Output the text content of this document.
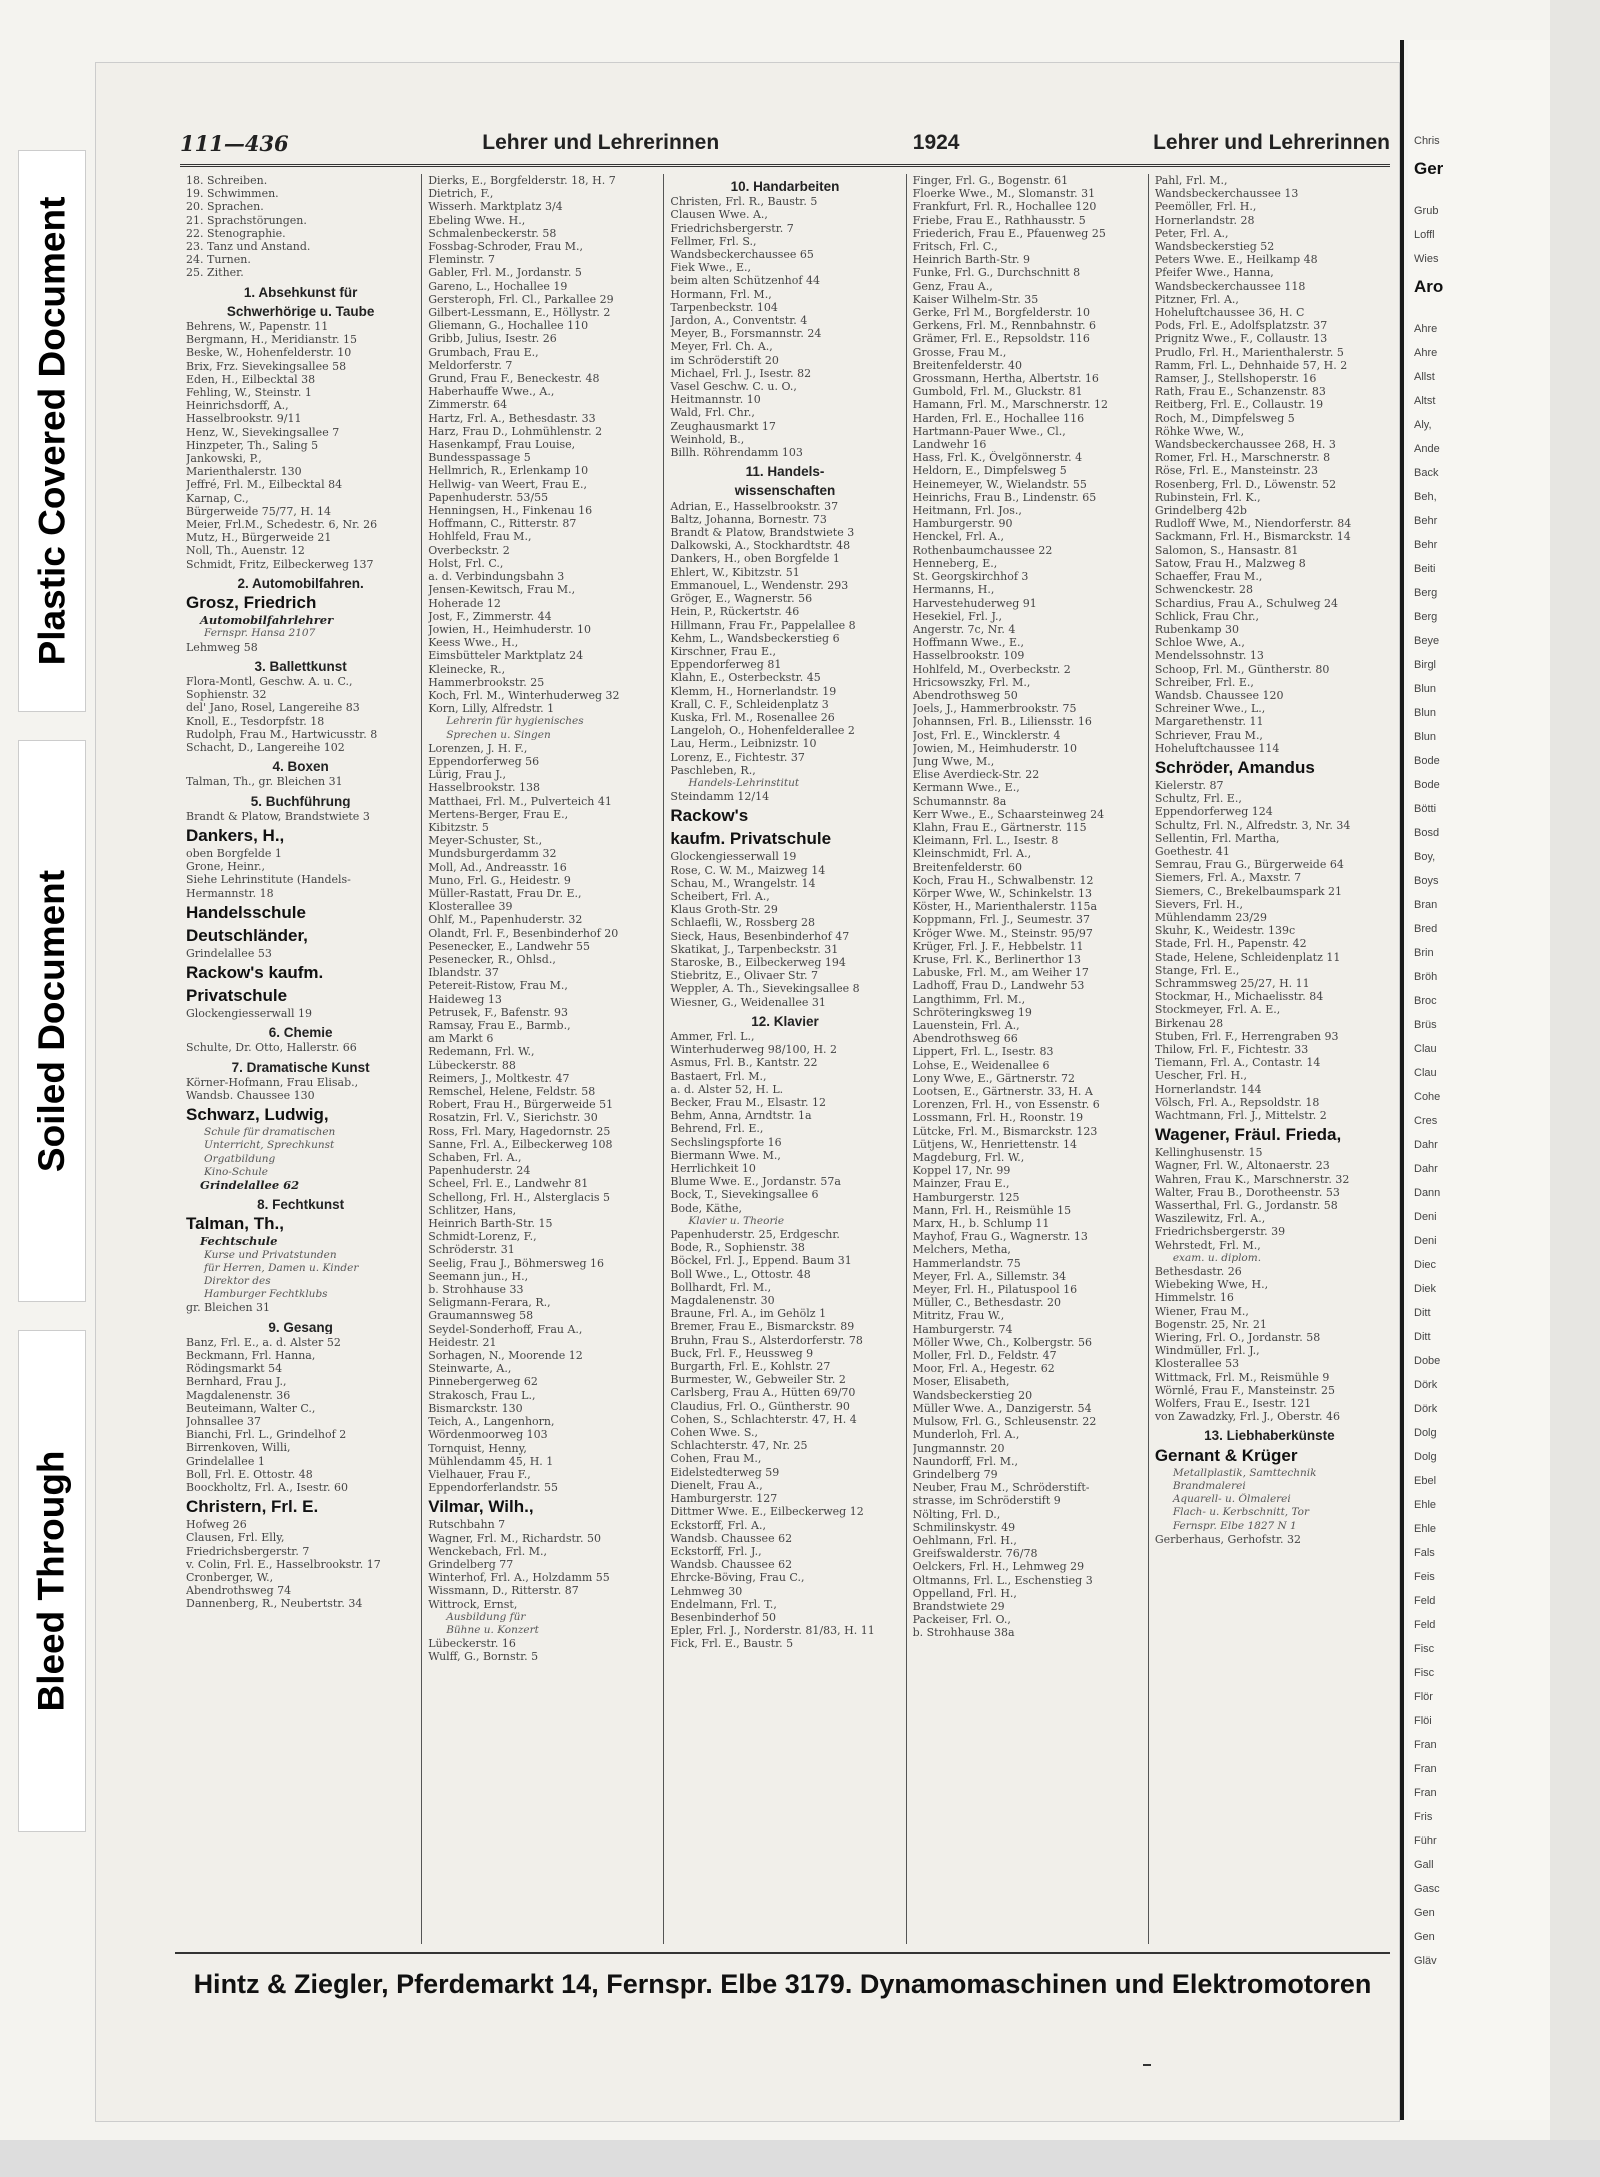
Plastic Covered Document
Soiled Document
Bleed Through
111—436	Lehrer und Lehrerinnen	1924	Lehrer und Lehrerinnen
18. Schreiben.
19. Schwimmen.
20. Sprachen.
21. Sprachstörungen.
22. Stenographie.
23. Tanz und Anstand.
24. Turnen.
25. Zither.
1. Absehkunst für
Schwerhörige u. Taube
Behrens, W., Papenstr. 11
Bergmann, H., Meridianstr. 15
Beske, W., Hohenfelderstr. 10
Brix, Frz. Sievekingsallee 58
Eden, H., Eilbecktal 38
Fehling, W., Steinstr. 1
Heinrichsdorff, A.,
Hasselbrookstr. 9/11
Henz, W., Sievekingsallee 7
Hinzpeter, Th., Saling 5
Jankowski, P.,
Marienthalerstr. 130
Jeffré, Frl. M., Eilbecktal 84
Karnap, C.,
Bürgerweide 75/77, H. 14
Meier, Frl.M., Schedestr. 6, Nr. 26
Mutz, H., Bürgerweide 21
Noll, Th., Auenstr. 12
Schmidt, Fritz, Eilbeckerweg 137
2. Automobilfahren.
Grosz, Friedrich
Automobilfahrlehrer
Fernspr. Hansa 2107
Lehmweg 58
3. Ballettkunst
Flora-Montl, Geschw. A. u. C.,
Sophienstr. 32
del' Jano, Rosel, Langereihe 83
Knoll, E., Tesdorpfstr. 18
Rudolph, Frau M., Hartwicusstr. 8
Schacht, D., Langereihe 102
4. Boxen
Talman, Th., gr. Bleichen 31
5. Buchführung
Brandt & Platow, Brandstwiete 3
Dankers, H.,
oben Borgfelde 1
Grone, Heinr.,
Siehe Lehrinstitute (Handels-
Hermannstr. 18
Handelsschule
Deutschländer,
Grindelallee 53
Rackow's kaufm.
Privatschule
Glockengiesserwall 19
6. Chemie
Schulte, Dr. Otto, Hallerstr. 66
7. Dramatische Kunst
Körner-Hofmann, Frau Elisab.,
Wandsb. Chaussee 130
Schwarz, Ludwig,
Schule für dramatischen
Unterricht, Sprechkunst
Orgatbildung
Kino-Schule
Grindelallee 62
8. Fechtkunst
Talman, Th.,
Fechtschule
Kurse und Privatstunden
für Herren, Damen u. Kinder
Direktor des
Hamburger Fechtklubs
gr. Bleichen 31
9. Gesang
Banz, Frl. E., a. d. Alster 52
Beckmann, Frl. Hanna,
Rödingsmarkt 54
Bernhard, Frau J.,
Magdalenenstr. 36
Beuteimann, Walter C.,
Johnsallee 37
Bianchi, Frl. L., Grindelhof 2
Birrenkoven, Willi,
Grindelallee 1
Boll, Frl. E. Ottostr. 48
Boockholtz, Frl. A., Isestr. 60
Christern, Frl. E.
Hofweg 26
Clausen, Frl. Elly,
Friedrichsbergerstr. 7
v. Colin, Frl. E., Hasselbrookstr. 17
Cronberger, W.,
Abendrothsweg 74
Dannenberg, R., Neubertstr. 34
Dierks, E., Borgfelderstr. 18, H. 7
Dietrich, F.,
Wisserh. Marktplatz 3/4
Ebeling Wwe. H.,
Schmalenbeckerstr. 58
Fossbag-Schroder, Frau M.,
Fleminstr. 7
Gabler, Frl. M., Jordanstr. 5
Gareno, L., Hochallee 19
Gersteroph, Frl. Cl., Parkallee 29
Gilbert-Lessmann, E., Höllystr. 2
Gliemann, G., Hochallee 110
Gribb, Julius, Isestr. 26
Grumbach, Frau E.,
Meldorferstr. 7
Grund, Frau F., Beneckestr. 48
Haberhauffe Wwe., A.,
Zimmerstr. 64
Hartz, Frl. A., Bethesdastr. 33
Harz, Frau D., Lohmühlenstr. 2
Hasenkampf, Frau Louise,
Bundesspassage 5
Hellmrich, R., Erlenkamp 10
Hellwig- van Weert, Frau E.,
Papenhuderstr. 53/55
Henningsen, H., Finkenau 16
Hoffmann, C., Ritterstr. 87
Hohlfeld, Frau M.,
Overbeckstr. 2
Holst, Frl. C.,
a. d. Verbindungsbahn 3
Jensen-Kewitsch, Frau M.,
Hoherade 12
Jost, F., Zimmerstr. 44
Jowien, H., Heimhuderstr. 10
Keess Wwe., H.,
Eimsbütteler Marktplatz 24
Kleinecke, R.,
Hammerbrookstr. 25
Koch, Frl. M., Winterhuderweg 32
Korn, Lilly, Alfredstr. 1
Lehrerin für hygienisches
Sprechen u. Singen
Lorenzen, J. H. F.,
Eppendorferweg 56
Lürig, Frau J.,
Hasselbrookstr. 138
Matthaei, Frl. M., Pulverteich 41
Mertens-Berger, Frau E.,
Kibitzstr. 5
Meyer-Schuster, St.,
Mundsburgerdamm 32
Moll, Ad., Andreasstr. 16
Muno, Frl. G., Heidestr. 9
Müller-Rastatt, Frau Dr. E.,
Klosterallee 39
Ohlf, M., Papenhuderstr. 32
Olandt, Frl. F., Besenbinderhof 20
Pesenecker, E., Landwehr 55
Pesenecker, R., Ohlsd.,
Iblandstr. 37
Petereit-Ristow, Frau M.,
Haideweg 13
Petrusek, F., Bafenstr. 93
Ramsay, Frau E., Barmb.,
am Markt 6
Redemann, Frl. W.,
Lübeckerstr. 88
Reimers, J., Moltkestr. 47
Remschel, Helene, Feldstr. 58
Robert, Frau H., Bürgerweide 51
Rosatzin, Frl. V., Sierichstr. 30
Ross, Frl. Mary, Hagedornstr. 25
Sanne, Frl. A., Eilbeckerweg 108
Schaben, Frl. A.,
Papenhuderstr. 24
Scheel, Frl. E., Landwehr 81
Schellong, Frl. H., Alsterglacis 5
Schlitzer, Hans,
Heinrich Barth-Str. 15
Schmidt-Lorenz, F.,
Schröderstr. 31
Seelig, Frau J., Böhmersweg 16
Seemann jun., H.,
b. Strohhause 33
Seligmann-Ferara, R.,
Graumannsweg 58
Seydel-Sonderhoff, Frau A.,
Heidestr. 21
Sorhagen, N., Moorende 12
Steinwarte, A.,
Pinnebergerweg 62
Strakosch, Frau L.,
Bismarckstr. 130
Teich, A., Langenhorn,
Wördenmoorweg 103
Tornquist, Henny,
Mühlendamm 45, H. 1
Vielhauer, Frau F.,
Eppendorferlandstr. 55
Vilmar, Wilh.,
Rutschbahn 7
Wagner, Frl. M., Richardstr. 50
Wenckebach, Frl. M.,
Grindelberg 77
Winterhof, Frl. A., Holzdamm 55
Wissmann, D., Ritterstr. 87
Wittrock, Ernst,
Ausbildung für
Bühne u. Konzert
Lübeckerstr. 16
Wulff, G., Bornstr. 5
10. Handarbeiten
Christen, Frl. R., Baustr. 5
Clausen Wwe. A.,
Friedrichsbergerstr. 7
Fellmer, Frl. S.,
Wandsbeckerchaussee 65
Fiek Wwe., E.,
beim alten Schützenhof 44
Hormann, Frl. M.,
Tarpenbeckstr. 104
Jardon, A., Conventstr. 4
Meyer, B., Forsmannstr. 24
Meyer, Frl. Ch. A.,
im Schröderstift 20
Michael, Frl. J., Isestr. 82
Vasel Geschw. C. u. O.,
Heitmannstr. 10
Wald, Frl. Chr.,
Zeughausmarkt 17
Weinhold, B.,
Billh. Röhrendamm 103
11. Handels-
wissenschaften
Adrian, E., Hasselbrookstr. 37
Baltz, Johanna, Bornestr. 73
Brandt & Platow, Brandstwiete 3
Dalkowski, A., Stockhardtstr. 48
Dankers, H., oben Borgfelde 1
Ehlert, W., Kibitzstr. 51
Emmanouel, L., Wendenstr. 293
Gröger, E., Wagnerstr. 56
Hein, P., Rückertstr. 46
Hillmann, Frau Fr., Pappelallee 8
Kehm, L., Wandsbeckerstieg 6
Kirschner, Frau E.,
Eppendorferweg 81
Klahn, E., Osterbeckstr. 45
Klemm, H., Hornerlandstr. 19
Krall, C. F., Schleidenplatz 3
Kuska, Frl. M., Rosenallee 26
Langeloh, O., Hohenfelderallee 2
Lau, Herm., Leibnizstr. 10
Lorenz, E., Fichtestr. 37
Paschleben, R.,
Handels-Lehrinstitut
Steindamm 12/14
Rackow's
kaufm. Privatschule
Glockengiesserwall 19
Rose, C. W. M., Maizweg 14
Schau, M., Wrangelstr. 14
Scheibert, Frl. A.,
Klaus Groth-Str. 29
Schlaefli, W., Rossberg 28
Sieck, Haus, Besenbinderhof 47
Skatikat, J., Tarpenbeckstr. 31
Staroske, B., Eilbeckerweg 194
Stiebritz, E., Olivaer Str. 7
Weppler, A. Th., Sievekingsallee 8
Wiesner, G., Weidenallee 31
12. Klavier
Ammer, Frl. L.,
Winterhuderweg 98/100, H. 2
Asmus, Frl. B., Kantstr. 22
Bastaert, Frl. M.,
a. d. Alster 52, H. L.
Becker, Frau M., Elsastr. 12
Behm, Anna, Arndtstr. 1a
Behrend, Frl. E.,
Sechslingspforte 16
Biermann Wwe. M.,
Herrlichkeit 10
Blume Wwe. E., Jordanstr. 57a
Bock, T., Sievekingsallee 6
Bode, Käthe,
Klavier u. Theorie
Papenhuderstr. 25, Erdgeschr.
Bode, R., Sophienstr. 38
Böckel, Frl. J., Eppend. Baum 31
Boll Wwe., L., Ottostr. 48
Bollhardt, Frl. M.,
Magdalenenstr. 30
Braune, Frl. A., im Gehölz 1
Bremer, Frau E., Bismarckstr. 89
Bruhn, Frau S., Alsterdorferstr. 78
Buck, Frl. F., Heussweg 9
Burgarth, Frl. E., Kohlstr. 27
Burmester, W., Gebweiler Str. 2
Carlsberg, Frau A., Hütten 69/70
Claudius, Frl. O., Güntherstr. 90
Cohen, S., Schlachterstr. 47, H. 4
Cohen Wwe. S.,
Schlachterstr. 47, Nr. 25
Cohen, Frau M.,
Eidelstedterweg 59
Dienelt, Frau A.,
Hamburgerstr. 127
Dittmer Wwe. E., Eilbeckerweg 12
Eckstorff, Frl. A.,
Wandsb. Chaussee 62
Eckstorff, Frl. J.,
Wandsb. Chaussee 62
Ehrcke-Böving, Frau C.,
Lehmweg 30
Endelmann, Frl. T.,
Besenbinderhof 50
Epler, Frl. J., Norderstr. 81/83, H. 11
Fick, Frl. E., Baustr. 5
Finger, Frl. G., Bogenstr. 61
Floerke Wwe., M., Slomanstr. 31
Frankfurt, Frl. R., Hochallee 120
Friebe, Frau E., Rathhausstr. 5
Friederich, Frau E., Pfauenweg 25
Fritsch, Frl. C.,
Heinrich Barth-Str. 9
Funke, Frl. G., Durchschnitt 8
Genz, Frau A.,
Kaiser Wilhelm-Str. 35
Gerke, Frl M., Borgfelderstr. 10
Gerkens, Frl. M., Rennbahnstr. 6
Grämer, Frl. E., Repsoldstr. 116
Grosse, Frau M.,
Breitenfelderstr. 40
Grossmann, Hertha, Albertstr. 16
Gumbold, Frl. M., Gluckstr. 81
Hamann, Frl. M., Marschnerstr. 12
Harden, Frl. E., Hochallee 116
Hartmann-Pauer Wwe., Cl.,
Landwehr 16
Hass, Frl. K., Övelgönnerstr. 4
Heldorn, E., Dimpfelsweg 5
Heinemeyer, W., Wielandstr. 55
Heinrichs, Frau B., Lindenstr. 65
Heitmann, Frl. Jos.,
Hamburgerstr. 90
Henckel, Frl. A.,
Rothenbaumchaussee 22
Henneberg, E.,
St. Georgskirchhof 3
Hermanns, H.,
Harvestehuderweg 91
Hesekiel, Frl. J.,
Angerstr. 7c, Nr. 4
Hoffmann Wwe., E.,
Hasselbrookstr. 109
Hohlfeld, M., Overbeckstr. 2
Hricsowszky, Frl. M.,
Abendrothsweg 50
Joels, J., Hammerbrookstr. 75
Johannsen, Frl. B., Liliensstr. 16
Jost, Frl. E., Wincklerstr. 4
Jowien, M., Heimhuderstr. 10
Jung Wwe, M.,
Elise Averdieck-Str. 22
Kermann Wwe., E.,
Schumannstr. 8a
Kerr Wwe., E., Schaarsteinweg 24
Klahn, Frau E., Gärtnerstr. 115
Kleimann, Frl. L., Isestr. 8
Kleinschmidt, Frl. A.,
Breitenfelderstr. 60
Koch, Frau H., Schwalbenstr. 12
Körper Wwe, W., Schinkelstr. 13
Köster, H., Marienthalerstr. 115a
Koppmann, Frl. J., Seumestr. 37
Kröger Wwe. M., Steinstr. 95/97
Krüger, Frl. J. F., Hebbelstr. 11
Kruse, Frl. K., Berlinerthor 13
Labuske, Frl. M., am Weiher 17
Ladhoff, Frau D., Landwehr 53
Langthimm, Frl. M.,
Schröteringksweg 19
Lauenstein, Frl. A.,
Abendrothsweg 66
Lippert, Frl. L., Isestr. 83
Lohse, E., Weidenallee 6
Lony Wwe, E., Gärtnerstr. 72
Lootsen, E., Gärtnerstr. 33, H. A
Lorenzen, Frl. H., von Essenstr. 6
Lossmann, Frl. H., Roonstr. 19
Lütcke, Frl. M., Bismarckstr. 123
Lütjens, W., Henriettenstr. 14
Magdeburg, Frl. W.,
Koppel 17, Nr. 99
Mainzer, Frau E.,
Hamburgerstr. 125
Mann, Frl. H., Reismühle 15
Marx, H., b. Schlump 11
Mayhof, Frau G., Wagnerstr. 13
Melchers, Metha,
Hammerlandstr. 75
Meyer, Frl. A., Sillemstr. 34
Meyer, Frl. H., Pilatuspool 16
Müller, C., Bethesdastr. 20
Mitritz, Frau W.,
Hamburgerstr. 74
Möller Wwe, Ch., Kolbergstr. 56
Moller, Frl. D., Feldstr. 47
Moor, Frl. A., Hegestr. 62
Moser, Elisabeth,
Wandsbeckerstieg 20
Müller Wwe. A., Danzigerstr. 54
Mulsow, Frl. G., Schleusenstr. 22
Munderloh, Frl. A.,
Jungmannstr. 20
Naundorff, Frl. M.,
Grindelberg 79
Neuber, Frau M., Schröderstift-
strasse, im Schröderstift 9
Nölting, Frl. D.,
Schmilinskystr. 49
Oehlmann, Frl. H.,
Greifswalderstr. 76/78
Oelckers, Frl. H., Lehmweg 29
Oltmanns, Frl. L., Eschenstieg 3
Oppelland, Frl. H.,
Brandstwiete 29
Packeiser, Frl. O.,
b. Strohhause 38a
Pahl, Frl. M.,
Wandsbeckerchaussee 13
Peemöller, Frl. H.,
Hornerlandstr. 28
Peter, Frl. A.,
Wandsbeckerstieg 52
Peters Wwe. E., Heilkamp 48
Pfeifer Wwe., Hanna,
Wandsbeckerchaussee 118
Pitzner, Frl. A.,
Hoheluftchaussee 36, H. C
Pods, Frl. E., Adolfsplatzstr. 37
Prignitz Wwe., F., Collaustr. 13
Prudlo, Frl. H., Marienthalerstr. 5
Ramm, Frl. L., Dehnhaide 57, H. 2
Ramser, J., Stellshoperstr. 16
Rath, Frau E., Schanzenstr. 83
Reitberg, Frl. E., Collaustr. 19
Roch, M., Dimpfelsweg 5
Röhke Wwe, W.,
Wandsbeckerchaussee 268, H. 3
Romer, Frl. H., Marschnerstr. 8
Röse, Frl. E., Mansteinstr. 23
Rosenberg, Frl. D., Löwenstr. 52
Rubinstein, Frl. K.,
Grindelberg 42b
Rudloff Wwe, M., Niendorferstr. 84
Sackmann, Frl. H., Bismarckstr. 14
Salomon, S., Hansastr. 81
Satow, Frau H., Malzweg 8
Schaeffer, Frau M.,
Schwenckestr. 28
Schardius, Frau A., Schulweg 24
Schlick, Frau Chr.,
Rubenkamp 30
Schloe Wwe, A.,
Mendelssohnstr. 13
Schoop, Frl. M., Güntherstr. 80
Schreiber, Frl. E.,
Wandsb. Chaussee 120
Schreiner Wwe., L.,
Margarethenstr. 11
Schriever, Frau M.,
Hoheluftchaussee 114
Schröder, Amandus
Kielerstr. 87
Schultz, Frl. E.,
Eppendorferweg 124
Schultz, Frl. N., Alfredstr. 3, Nr. 34
Sellentin, Frl. Martha,
Goethestr. 41
Semrau, Frau G., Bürgerweide 64
Siemers, Frl. A., Maxstr. 7
Siemers, C., Brekelbaumspark 21
Sievers, Frl. H.,
Mühlendamm 23/29
Skuhr, K., Weidestr. 139c
Stade, Frl. H., Papenstr. 42
Stade, Helene, Schleidenplatz 11
Stange, Frl. E.,
Schrammsweg 25/27, H. 11
Stockmar, H., Michaelisstr. 84
Stockmeyer, Frl. A. E.,
Birkenau 28
Stuben, Frl. F., Herrengraben 93
Thilow, Frl. F., Fichtestr. 33
Tiemann, Frl. A., Contastr. 14
Uescher, Frl. H.,
Hornerlandstr. 144
Völsch, Frl. A., Repsoldstr. 18
Wachtmann, Frl. J., Mittelstr. 2
Wagener, Fräul. Frieda,
Kellinghusenstr. 15
Wagner, Frl. W., Altonaerstr. 23
Wahren, Frau K., Marschnerstr. 32
Walter, Frau B., Dorotheenstr. 53
Wasserthal, Frl. G., Jordanstr. 58
Waszilewitz, Frl. A.,
Friedrichsbergerstr. 39
Wehrstedt, Frl. M.,
exam. u. diplom.
Bethesdastr. 26
Wiebeking Wwe, H.,
Himmelstr. 16
Wiener, Frau M.,
Bogenstr. 25, Nr. 21
Wiering, Frl. O., Jordanstr. 58
Windmüller, Frl. J.,
Klosterallee 53
Wittmack, Frl. M., Reismühle 9
Wörnlé, Frau F., Mansteinstr. 25
Wolfers, Frau E., Isestr. 121
von Zawadzky, Frl. J., Oberstr. 46
13. Liebhaberkünste
Gernant & Krüger
Metallplastik, Samttechnik
Brandmalerei
Aquarell- u. Ölmalerei
Flach- u. Kerbschnitt, Tor
Fernspr. Elbe 1827 N 1
Gerberhaus, Gerhofstr. 32
Hintz & Ziegler, Pferdemarkt 14, Fernspr. Elbe 3179. Dynamomaschinen und Elektromotoren
Chris
Ger
Grub
Loffl
Wies
Aro
Ahre
Ahre
Allst
Altst
Aly,
Ande
Back
Beh,
Behr
Behr
Beiti
Berg
Berg
Beye
Birgl
Blun
Blun
Blun
Bode
Bode
Bötti
Bosd
Boy,
Boys
Bran
Bred
Brin
Bröh
Broc
Brüs
Clau
Clau
Cohe
Cres
Dahr
Dahr
Dann
Deni
Deni
Diec
Diek
Ditt
Ditt
Dobe
Dörk
Dörk
Dolg
Dolg
Ebel
Ehle
Ehle
Fals
Feis
Feld
Feld
Fisc
Fisc
Flör
Flöi
Fran
Fran
Fran
Fris
Führ
Gall
Gasc
Gen
Gen
Gläv
